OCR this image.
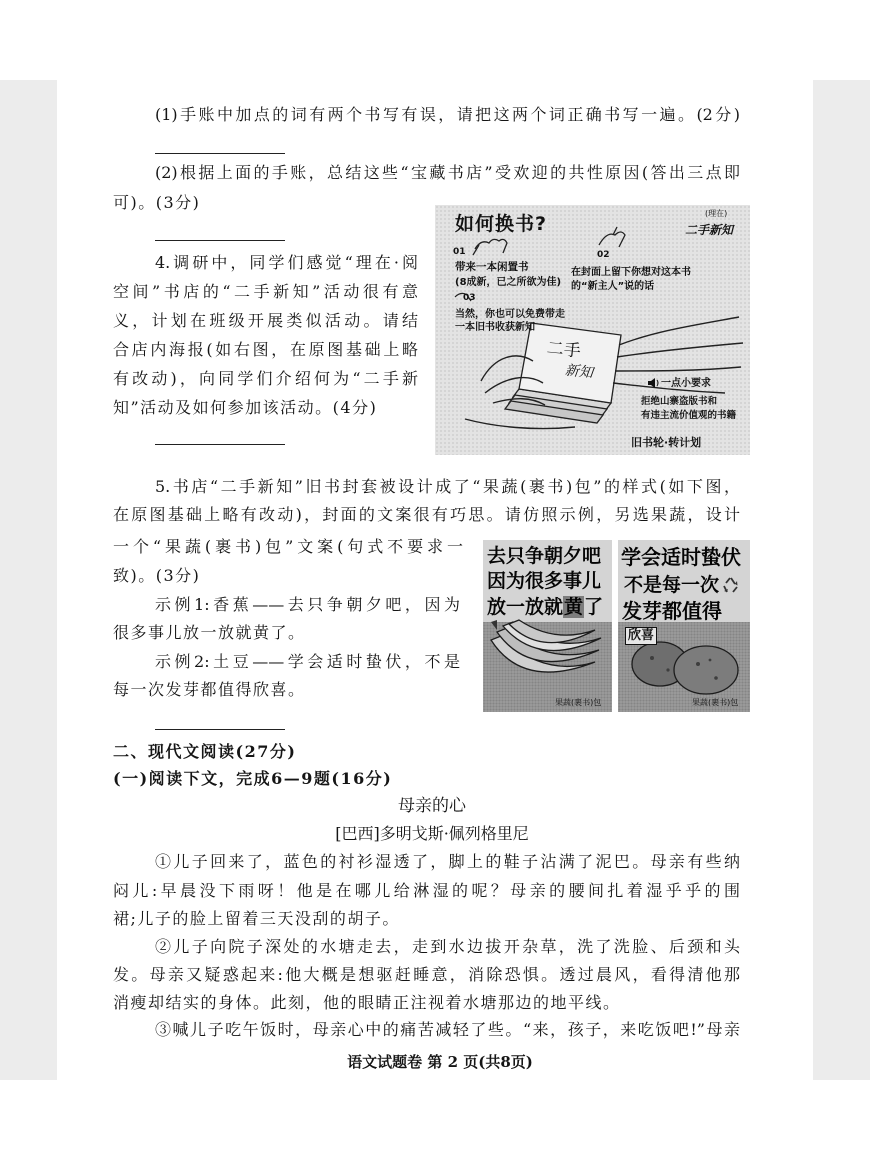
(1)手账中加点的词有两个书写有误，请把这两个词正确书写一遍。(2分)
(2)根据上面的手账，总结这些“宝藏书店”受欢迎的共性原因(答出三点即
可)。(3分)
4.调研中，同学们感觉“理在·阅
空间”书店的“二手新知”活动很有意
义，计划在班级开展类似活动。请结
合店内海报(如右图，在原图基础上略
有改动)，向同学们介绍何为“二手新
知”活动及如何参加该活动。(4分)
如何换书?	(理在)
二手新知
01
带来一本闲置书
(8成新，已之所欲为佳)
02
在封面上留下你想对这本书
的“新主人”说的话
03
当然，你也可以免费带走
一本旧书收获新知
二手
新知
一点小要求
拒绝山寨盗版书和
有违主流价值观的书籍
旧书轮·转计划
5.书店“二手新知”旧书封套被设计成了“果蔬(裹书)包”的样式(如下图，
在原图基础上略有改动)，封面的文案很有巧思。请仿照示例，另选果蔬，设计
一个“果蔬(裹书)包”文案(句式不要求一
致)。(3分)
示例1:香蕉——去只争朝夕吧，因为
很多事儿放一放就黄了。
示例2:土豆——学会适时蛰伏，不是
每一次发芽都值得欣喜。
去只争朝夕吧
因为很多事儿
放一放就黄了
果蔬(裹书)包
学会适时蛰伏
不是每一次
发芽都值得
欣喜
果蔬(裹书)包
二、现代文阅读(27分)
(一)阅读下文，完成6—9题(16分)
母亲的心
[巴西]多明戈斯·佩列格里尼
①儿子回来了，蓝色的衬衫湿透了，脚上的鞋子沾满了泥巴。母亲有些纳
闷儿:早晨没下雨呀！他是在哪儿给淋湿的呢？母亲的腰间扎着湿乎乎的围
裙;儿子的脸上留着三天没刮的胡子。
②儿子向院子深处的水塘走去，走到水边拔开杂草，洗了洗脸、后颈和头
发。母亲又疑惑起来:他大概是想驱赶睡意，消除恐惧。透过晨风，看得清他那
消瘦却结实的身体。此刻，他的眼睛正注视着水塘那边的地平线。
③喊儿子吃午饭时，母亲心中的痛苦减轻了些。“来，孩子，来吃饭吧!”母亲
语文试题卷 第 2 页(共8页)
